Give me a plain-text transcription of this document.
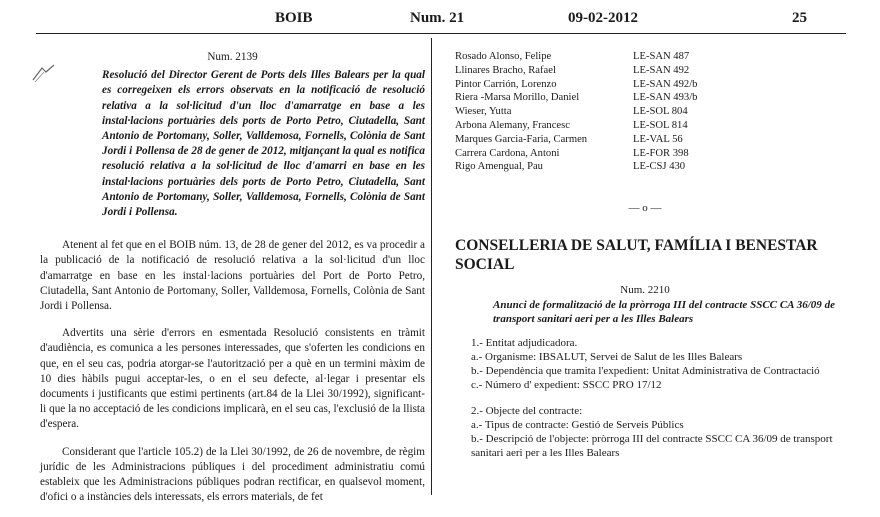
BOIB	Num. 21	09-02-2012	25
Num. 2139
Resolució del Director Gerent de Ports dels Illes Balears per la qual es corregeixen els errors observats en la notificació de resolució relativa a la sol·licitud d'un lloc d'amarratge en base a les instal·lacions portuàries dels ports de Porto Petro, Ciutadella, Sant Antonio de Portomany, Soller, Valldemosa, Fornells, Colònia de Sant Jordi i Pollensa de 28 de gener de 2012, mitjançant la qual es notifica resolució relativa a la sol·licitud de lloc d'amarri en base en les instal·lacions portuàries dels ports de Porto Petro, Ciutadella, Sant Antonio de Portomany, Soller, Valldemosa, Fornells, Colònia de Sant Jordi i Pollensa.

Atenent al fet que en el BOIB núm. 13, de 28 de gener del 2012, es va procedir a la publicació de la notificació de resolució relativa a la sol·licitud d'un lloc d'amarratge en base en les instal·lacions portuàries del Port de Porto Petro, Ciutadella, Sant Antonio de Portomany, Soller, Valldemosa, Fornells, Colònia de Sant Jordi i Pollensa.

Advertits una sèrie d'errors en esmentada Resolució consistents en tràmit d'audiència, es comunica a les persones interessades, que s'oferten les condicions en que, en el seu cas, podria atorgar-se l'autorització per a què en un termini màxim de 10 dies hàbils pugui acceptar-les, o en el seu defecte, al·legar i presentar els documents i justificants que estimi pertinents (art.84 de la Llei 30/1992), significant-li que la no acceptació de les condicions implicarà, en el seu cas, l'exclusió de la llista d'espera.

Considerant que l'article 105.2) de la Llei 30/1992, de 26 de novembre, de règim jurídic de les Administracions públiques i del procediment administratiu comú estableix que les Administracions públiques podran rectificar, en qualsevol moment, d'ofici o a instàncies dels interessats, els errors materials, de fet

Rosado Alonso, Felipe	LE-SAN 487
Llinares Bracho, Rafael	LE-SAN 492
Pintor Carrión, Lorenzo	LE-SAN 492/b
Riera -Marsa Morillo, Daniel	LE-SAN 493/b
Wieser, Yutta	LE-SOL 804
Arbona Alemany, Francesc	LE-SOL 814
Marques Garcia-Faria, Carmen	LE-VAL 56
Carrera Cardona, Antoni	LE-FOR 398
Rigo Amengual, Pau	LE-CSJ 430
— o —
CONSELLERIA DE SALUT, FAMÍLIA I BENESTAR SOCIAL
Num. 2210
Anunci de formalització de la pròrroga III del contracte SSCC CA 36/09 de transport sanitari aeri per a les Illes Balears

1.- Entitat adjudicadora.

a.- Organisme: IBSALUT, Servei de Salut de les Illes Balears

b.- Dependència que tramita l'expedient: Unitat Administrativa de Contractació

c.- Número d' expedient: SSCC PRO 17/12

2.- Objecte del contracte:

a.- Tipus de contracte: Gestió de Serveis Públics

b.- Descripció de l'objecte: pròrroga III del contracte SSCC CA 36/09 de transport sanitari aeri per a les Illes Balears
